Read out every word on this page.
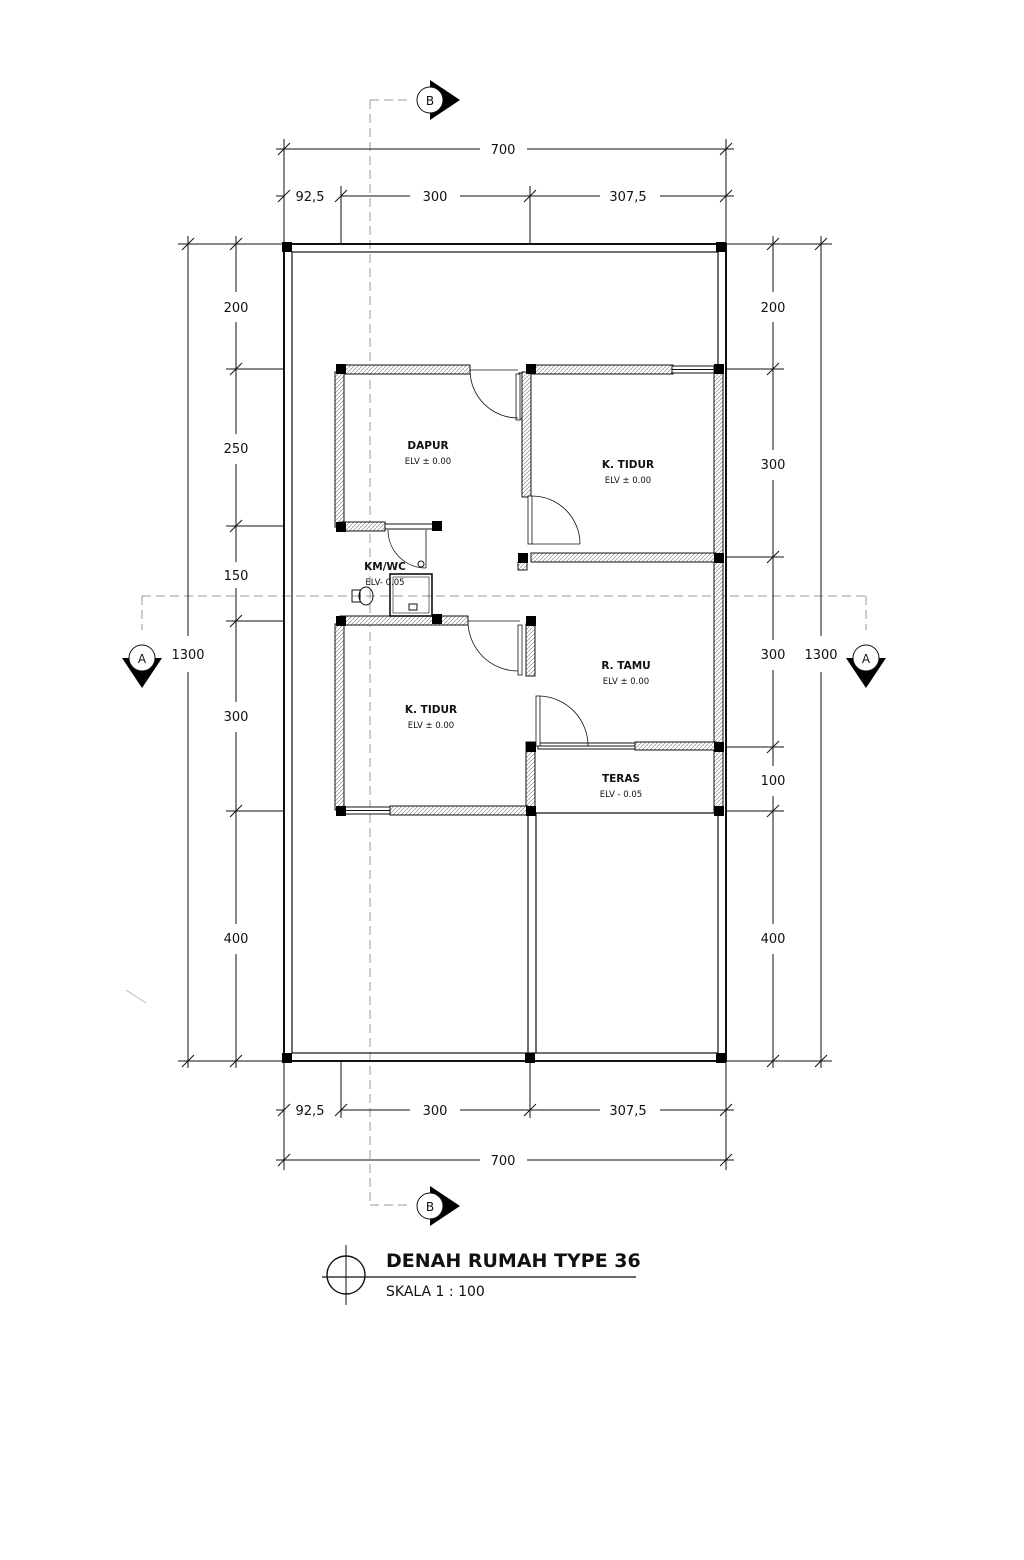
700
92,5	300	307,5
92,5	300	307,5
700
1300
200
250
150
300
400
200
300
300
100
400
1300
DAPUR
ELV ± 0.00	K. TIDUR
ELV ± 0.00
KM/WC
ELV- 0.05
K. TIDUR
ELV ± 0.00
R. TAMU
ELV ± 0.00
TERAS
ELV - 0.05
B
B
A	A
DENAH RUMAH TYPE 36
SKALA 1 : 100
